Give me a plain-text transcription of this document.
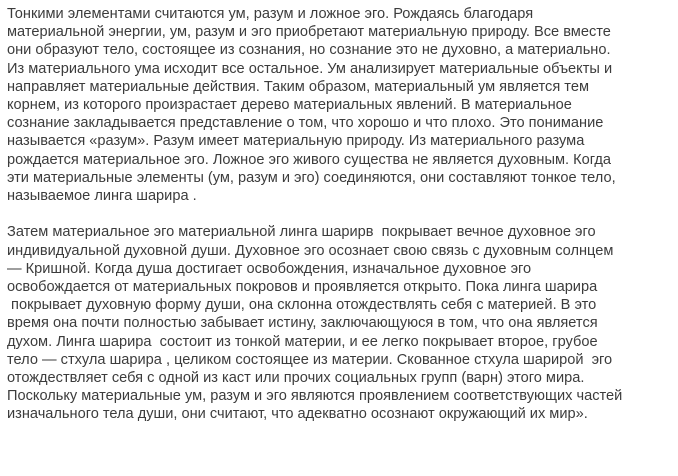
Тонкими элементами считаются ум, разум и ложное эго. Рождаясь благодаря
материальной энергии, ум, разум и эго приобретают материальную природу. Все вместе
они образуют тело, состоящее из сознания, но сознание это не духовно, а материально.
Из материального ума исходит все остальное. Ум анализирует материальные объекты и
направляет материальные действия. Таким образом, материальный ум является тем
корнем, из которого произрастает дерево материальных явлений. В материальное
сознание закладывается представление о том, что хорошо и что плохо. Это понимание
называется «разум». Разум имеет материальную природу. Из материального разума
рождается материальное эго. Ложное эго живого существа не является духовным. Когда
эти материальные элементы (ум, разум и эго) соединяются, они составляют тонкое тело,
называемое линга шарира .

Затем материальное эго материальной линга шарирв  покрывает вечное духовное эго
индивидуальной духовной души. Духовное эго осознает свою связь с духовным солнцем
— Кришной. Когда душа достигает освобождения, изначальное духовное эго
освобождается от материальных покровов и проявляется открыто. Пока линга шарира
покрывает духовную форму души, она склонна отождествлять себя с материей. В это
время она почти полностью забывает истину, заключающуюся в том, что она является
духом. Линга шарира  состоит из тонкой материи, и ее легко покрывает второе, грубое
тело — стхула шарира , целиком состоящее из материи. Скованное стхула шарирой  эго
отождествляет себя с одной из каст или прочих социальных групп (варн) этого мира.
Поскольку материальные ум, разум и эго являются проявлением соответствующих частей
изначального тела души, они считают, что адекватно осознают окружающий их мир».
